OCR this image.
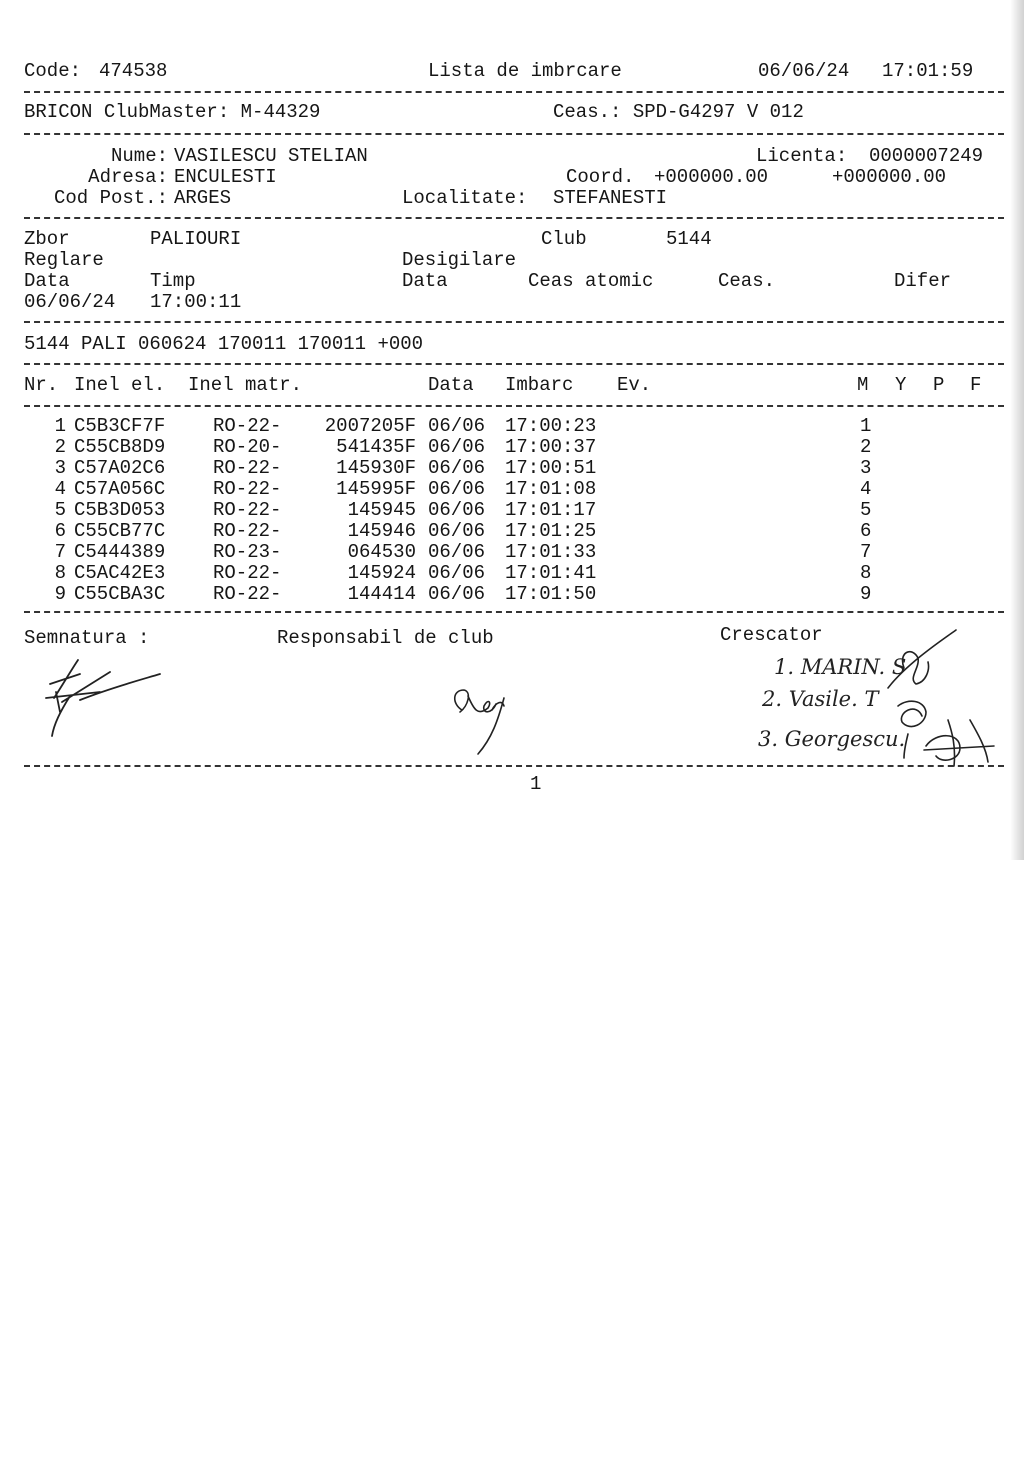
Code: 474538	Lista de imbrcare	06/06/24 17:01:59
BRICON ClubMaster: M-44329	Ceas.: SPD-G4297 V 012
Nume: VASILESCU STELIAN	Licenta: 0000007249
Adresa: ENCULESTI	Coord. +000000.00	+000000.00
Cod Post.: ARGES	Localitate: STEFANESTI
Zbor	PALIOURI	Club	5144
Reglare	Desigilare
Data	Timp	Data	Ceas atomic	Ceas.	Difer
06/06/24 17:00:11
5144 PALI 060624 170011 170011 +000
Nr. Inel el. Inel matr.	Data Imbarc Ev.	M Y P F
1 C5B3CF7F	RO-22-	2007205F 06/06 17:00:23	1
2 C55CB8D9	RO-20-	541435F 06/06 17:00:37	2
3 C57A02C6	RO-22-	145930F 06/06 17:00:51	3
4 C57A056C	RO-22-	145995F 06/06 17:01:08	4
5 C5B3D053	RO-22-	145945 06/06 17:01:17	5
6 C55CB77C	RO-22-	145946 06/06 17:01:25	6
7 C5444389	RO-23-	064530 06/06 17:01:33	7
8 C5AC42E3	RO-22-	145924 06/06 17:01:41	8
9 C55CBA3C	RO-22-	144414 06/06 17:01:50	9
Semnatura :	Responsabil de club	Crescator
1. MARIN. S
2. Vasile. T
3. Georgescu.
1
